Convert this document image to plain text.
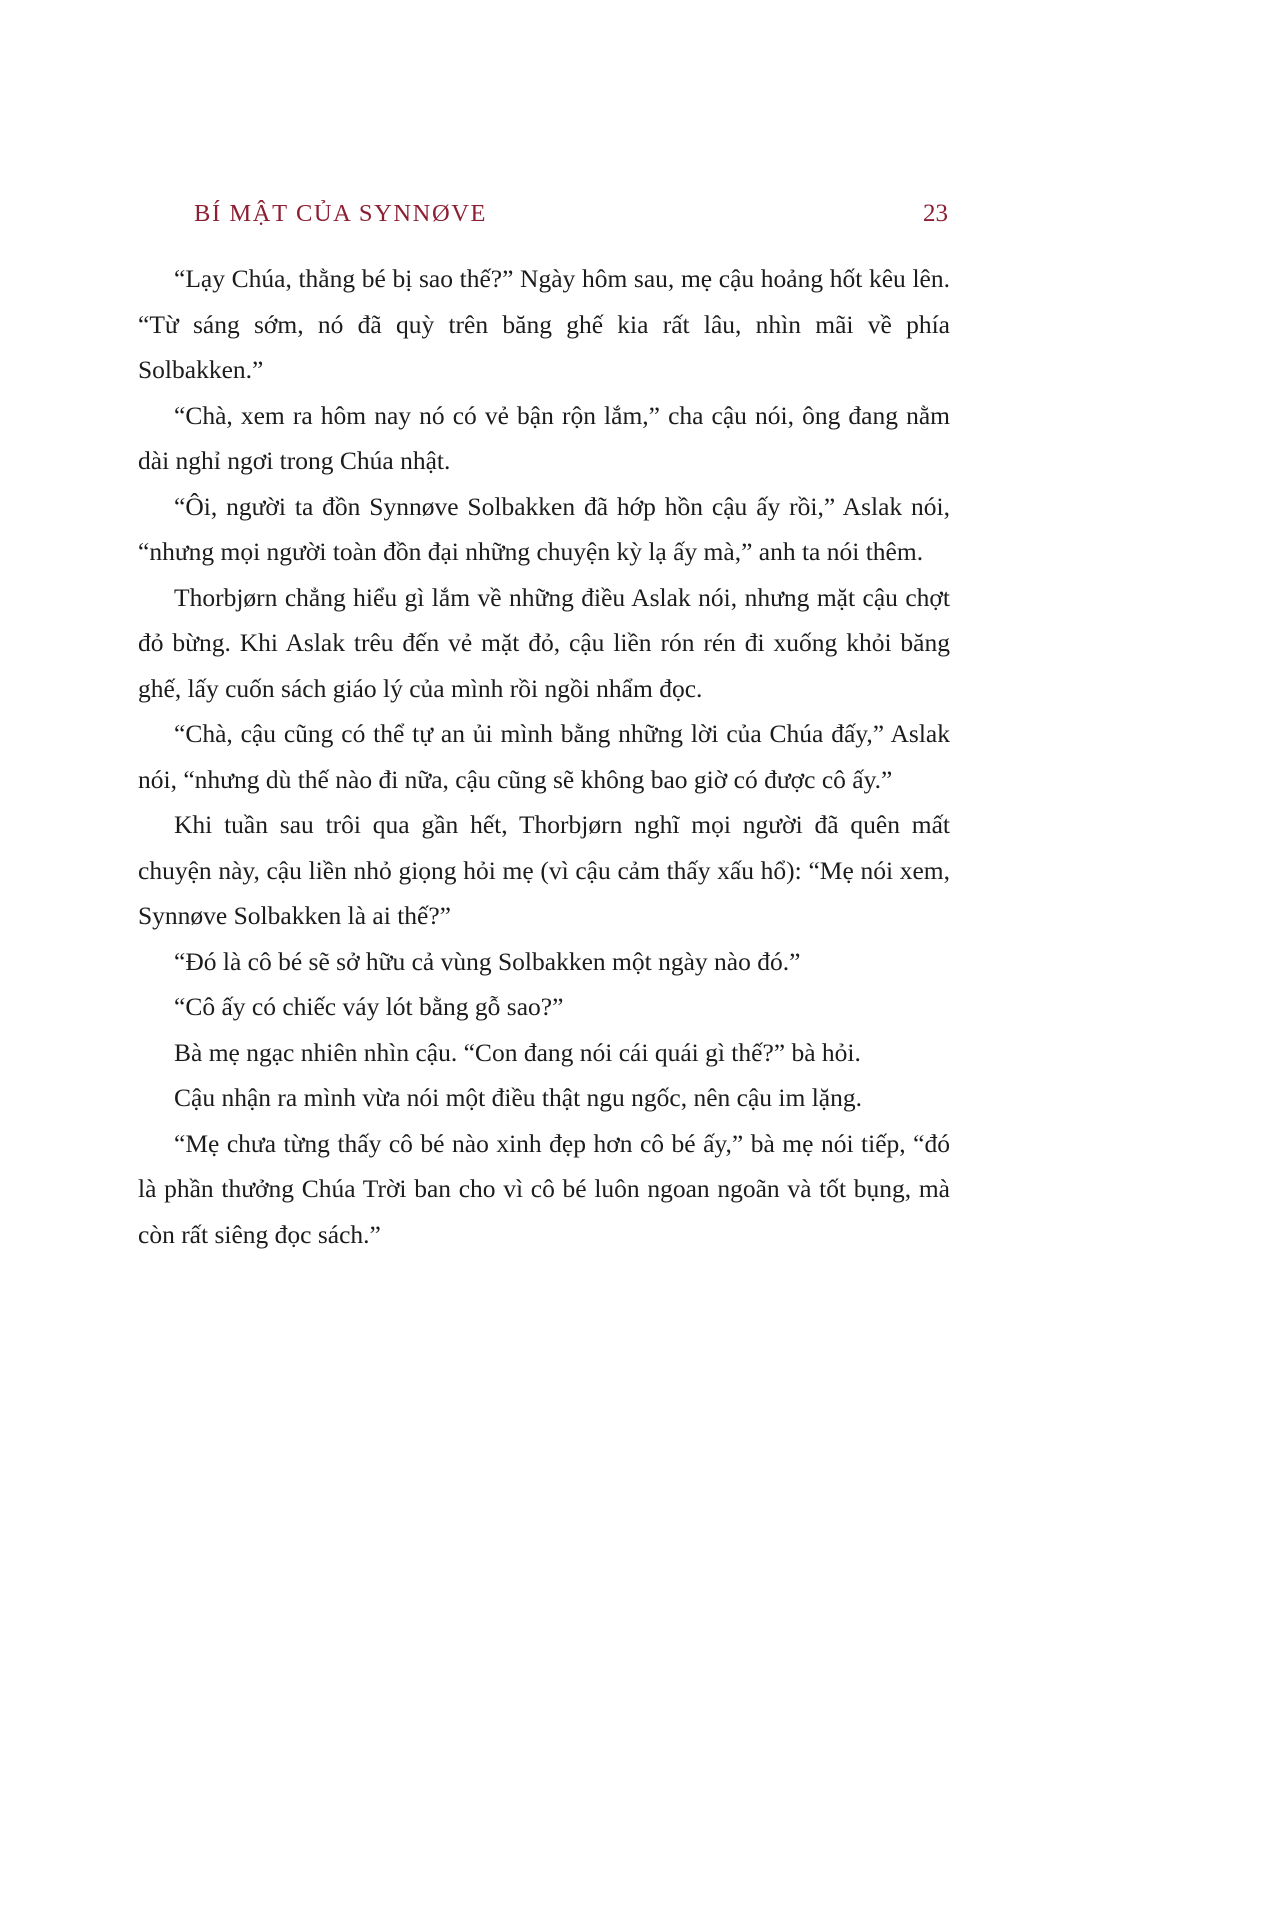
BÍ MẬT CỦA SYNNØVE	23

“Lạy Chúa, thằng bé bị sao thế?” Ngày hôm sau, mẹ cậu hoảng hốt kêu lên. “Từ sáng sớm, nó đã quỳ trên băng ghế kia rất lâu, nhìn mãi về phía Solbakken.”

“Chà, xem ra hôm nay nó có vẻ bận rộn lắm,” cha cậu nói, ông đang nằm dài nghỉ ngơi trong Chúa nhật.

“Ôi, người ta đồn Synnøve Solbakken đã hớp hồn cậu ấy rồi,” Aslak nói, “nhưng mọi người toàn đồn đại những chuyện kỳ lạ ấy mà,” anh ta nói thêm.

Thorbjørn chẳng hiểu gì lắm về những điều Aslak nói, nhưng mặt cậu chợt đỏ bừng. Khi Aslak trêu đến vẻ mặt đỏ, cậu liền rón rén đi xuống khỏi băng ghế, lấy cuốn sách giáo lý của mình rồi ngồi nhẩm đọc.

“Chà, cậu cũng có thể tự an ủi mình bằng những lời của Chúa đấy,” Aslak nói, “nhưng dù thế nào đi nữa, cậu cũng sẽ không bao giờ có được cô ấy.”

Khi tuần sau trôi qua gần hết, Thorbjørn nghĩ mọi người đã quên mất chuyện này, cậu liền nhỏ giọng hỏi mẹ (vì cậu cảm thấy xấu hổ): “Mẹ nói xem, Synnøve Solbakken là ai thế?”

“Đó là cô bé sẽ sở hữu cả vùng Solbakken một ngày nào đó.”

“Cô ấy có chiếc váy lót bằng gỗ sao?”

Bà mẹ ngạc nhiên nhìn cậu. “Con đang nói cái quái gì thế?” bà hỏi.

Cậu nhận ra mình vừa nói một điều thật ngu ngốc, nên cậu im lặng.

“Mẹ chưa từng thấy cô bé nào xinh đẹp hơn cô bé ấy,” bà mẹ nói tiếp, “đó là phần thưởng Chúa Trời ban cho vì cô bé luôn ngoan ngoãn và tốt bụng, mà còn rất siêng đọc sách.”
